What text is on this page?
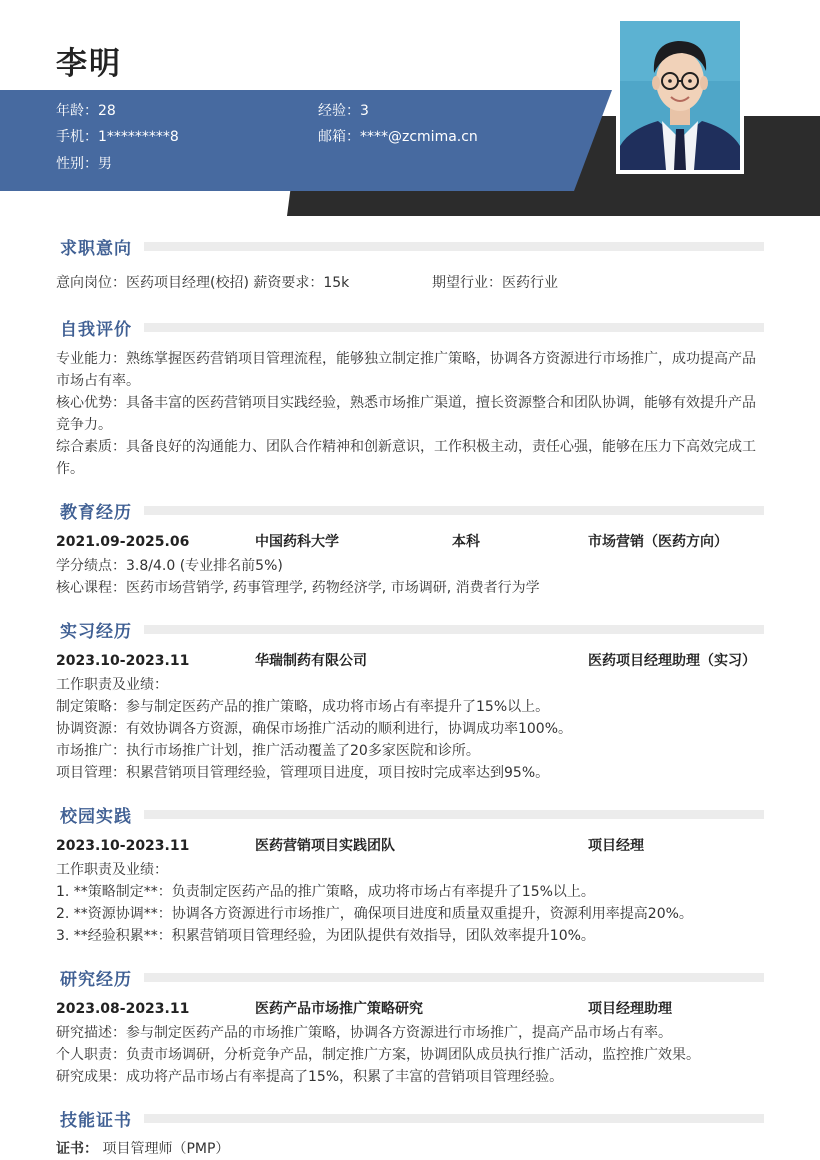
李明
年龄：28	经验：3
手机：1*********8	邮箱：****@zcmima.cn
性别：男
求职意向
意向岗位：医药项目经理(校招) 薪资要求：15k	期望行业：医药行业
自我评价
专业能力：熟练掌握医药营销项目管理流程，能够独立制定推广策略，协调各方资源进行市场推广，成功提高产品市场占有率。
核心优势：具备丰富的医药营销项目实践经验，熟悉市场推广渠道，擅长资源整合和团队协调，能够有效提升产品竞争力。
综合素质：具备良好的沟通能力、团队合作精神和创新意识，工作积极主动，责任心强，能够在压力下高效完成工作。
教育经历
2021.09-2025.06	中国药科大学	本科	市场营销（医药方向）
学分绩点：3.8/4.0 (专业排名前5%)
核心课程：医药市场营销学, 药事管理学, 药物经济学, 市场调研, 消费者行为学
实习经历
2023.10-2023.11	华瑞制药有限公司	医药项目经理助理（实习）
工作职责及业绩：
制定策略：参与制定医药产品的推广策略，成功将市场占有率提升了15%以上。
协调资源：有效协调各方资源，确保市场推广活动的顺利进行，协调成功率100%。
市场推广：执行市场推广计划，推广活动覆盖了20多家医院和诊所。
项目管理：积累营销项目管理经验，管理项目进度，项目按时完成率达到95%。
校园实践
2023.10-2023.11	医药营销项目实践团队	项目经理
工作职责及业绩：
1. **策略制定**：负责制定医药产品的推广策略，成功将市场占有率提升了15%以上。
2. **资源协调**：协调各方资源进行市场推广，确保项目进度和质量双重提升，资源利用率提高20%。
3. **经验积累**：积累营销项目管理经验，为团队提供有效指导，团队效率提升10%。
研究经历
2023.08-2023.11	医药产品市场推广策略研究	项目经理助理
研究描述：参与制定医药产品的市场推广策略，协调各方资源进行市场推广，提高产品市场占有率。
个人职责：负责市场调研，分析竞争产品，制定推广方案，协调团队成员执行推广活动，监控推广效果。
研究成果：成功将产品市场占有率提高了15%，积累了丰富的营销项目管理经验。
技能证书
证书： 项目管理师（PMP）
